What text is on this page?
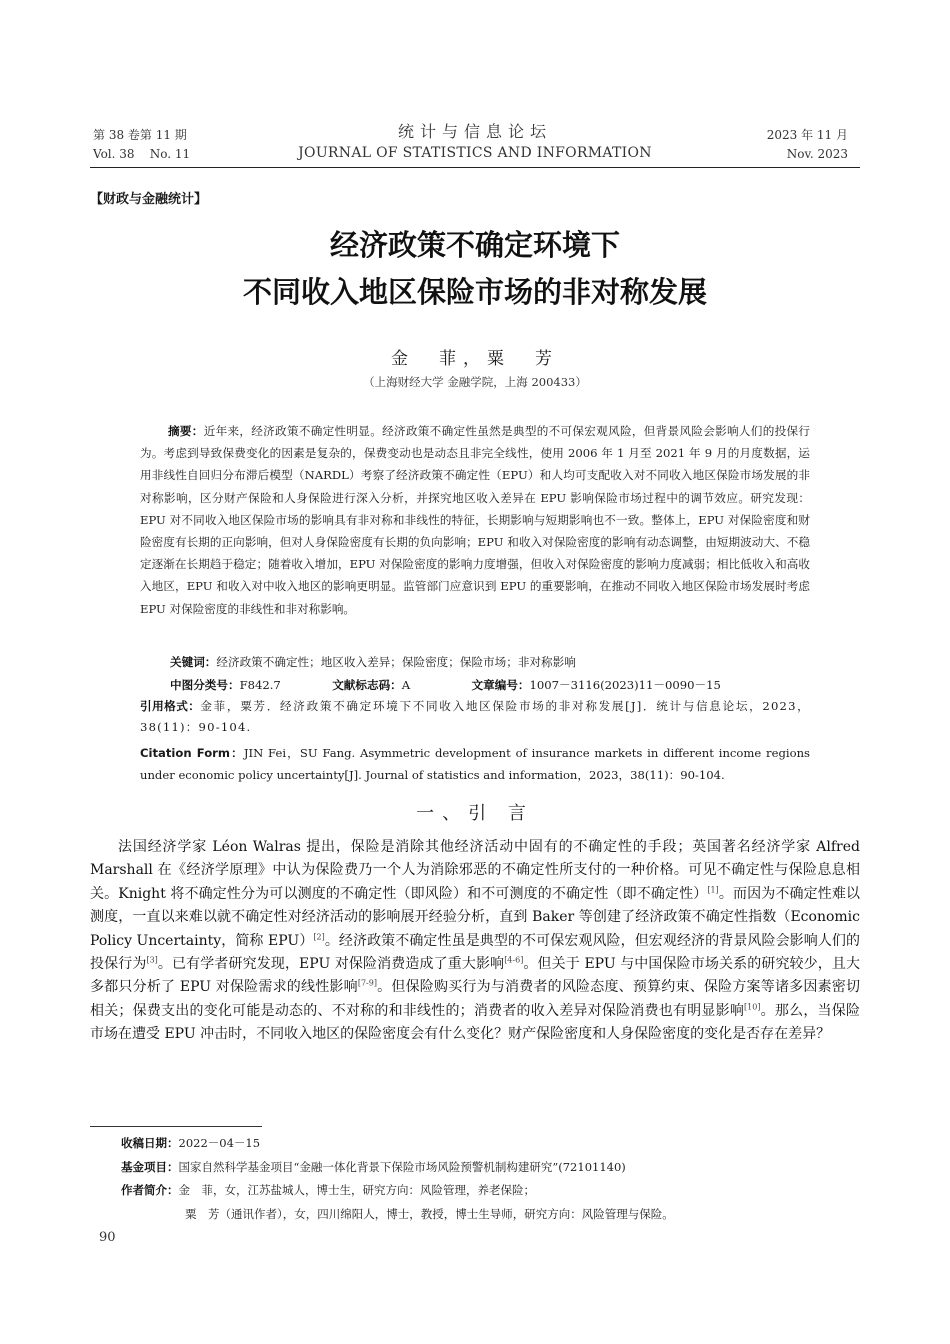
第 38 卷第 11 期
Vol. 38    No. 11
统计与信息论坛
JOURNAL OF STATISTICS AND INFORMATION
2023 年 11 月
Nov. 2023
【财政与金融统计】
经济政策不确定环境下
不同收入地区保险市场的非对称发展
金　菲，粟　芳
（上海财经大学 金融学院，上海 200433）
摘要：近年来，经济政策不确定性明显。经济政策不确定性虽然是典型的不可保宏观风险，但背景风险会影响人们的投保行为。考虑到导致保费变化的因素是复杂的，保费变动也是动态且非完全线性，使用 2006 年 1 月至 2021 年 9 月的月度数据，运用非线性自回归分布滞后模型（NARDL）考察了经济政策不确定性（EPU）和人均可支配收入对不同收入地区保险市场发展的非对称影响，区分财产保险和人身保险进行深入分析，并探究地区收入差异在 EPU 影响保险市场过程中的调节效应。研究发现：EPU 对不同收入地区保险市场的影响具有非对称和非线性的特征，长期影响与短期影响也不一致。整体上，EPU 对保险密度和财险密度有长期的正向影响，但对人身保险密度有长期的负向影响；EPU 和收入对保险密度的影响有动态调整，由短期波动大、不稳定逐渐在长期趋于稳定；随着收入增加，EPU 对保险密度的影响力度增强，但收入对保险密度的影响力度减弱；相比低收入和高收入地区，EPU 和收入对中收入地区的影响更明显。监管部门应意识到 EPU 的重要影响，在推动不同收入地区保险市场发展时考虑 EPU 对保险密度的非线性和非对称影响。
关键词：经济政策不确定性；地区收入差异；保险密度；保险市场；非对称影响
中图分类号：F842.7	文献标志码：A	文章编号：1007－3116(2023)11－0090－15
引用格式：金菲，粟芳．经济政策不确定环境下不同收入地区保险市场的非对称发展[J]．统计与信息论坛，2023，38(11)：90-104.
Citation Form：JIN Fei，SU Fang. Asymmetric development of insurance markets in different income regions under economic policy uncertainty[J]. Journal of statistics and information，2023，38(11)：90-104.
一、引 言
法国经济学家 Léon Walras 提出，保险是消除其他经济活动中固有的不确定性的手段；英国著名经济学家 Alfred Marshall 在《经济学原理》中认为保险费乃一个人为消除邪恶的不确定性所支付的一种价格。可见不确定性与保险息息相关。Knight 将不确定性分为可以测度的不确定性（即风险）和不可测度的不确定性（即不确定性）[1]。而因为不确定性难以测度，一直以来难以就不确定性对经济活动的影响展开经验分析，直到 Baker 等创建了经济政策不确定性指数（Economic Policy Uncertainty，简称 EPU）[2]。经济政策不确定性虽是典型的不可保宏观风险，但宏观经济的背景风险会影响人们的投保行为[3]。已有学者研究发现，EPU 对保险消费造成了重大影响[4-6]。但关于 EPU 与中国保险市场关系的研究较少，且大多都只分析了 EPU 对保险需求的线性影响[7-9]。但保险购买行为与消费者的风险态度、预算约束、保险方案等诸多因素密切相关；保费支出的变化可能是动态的、不对称的和非线性的；消费者的收入差异对保险消费也有明显影响[10]。那么，当保险市场在遭受 EPU 冲击时，不同收入地区的保险密度会有什么变化？财产保险密度和人身保险密度的变化是否存在差异？
收稿日期：2022－04－15
基金项目：国家自然科学基金项目“金融一体化背景下保险市场风险预警机制构建研究”(72101140)
作者简介：金　菲，女，江苏盐城人，博士生，研究方向：风险管理，养老保险；
粟　芳（通讯作者），女，四川绵阳人，博士，教授，博士生导师，研究方向：风险管理与保险。
90
